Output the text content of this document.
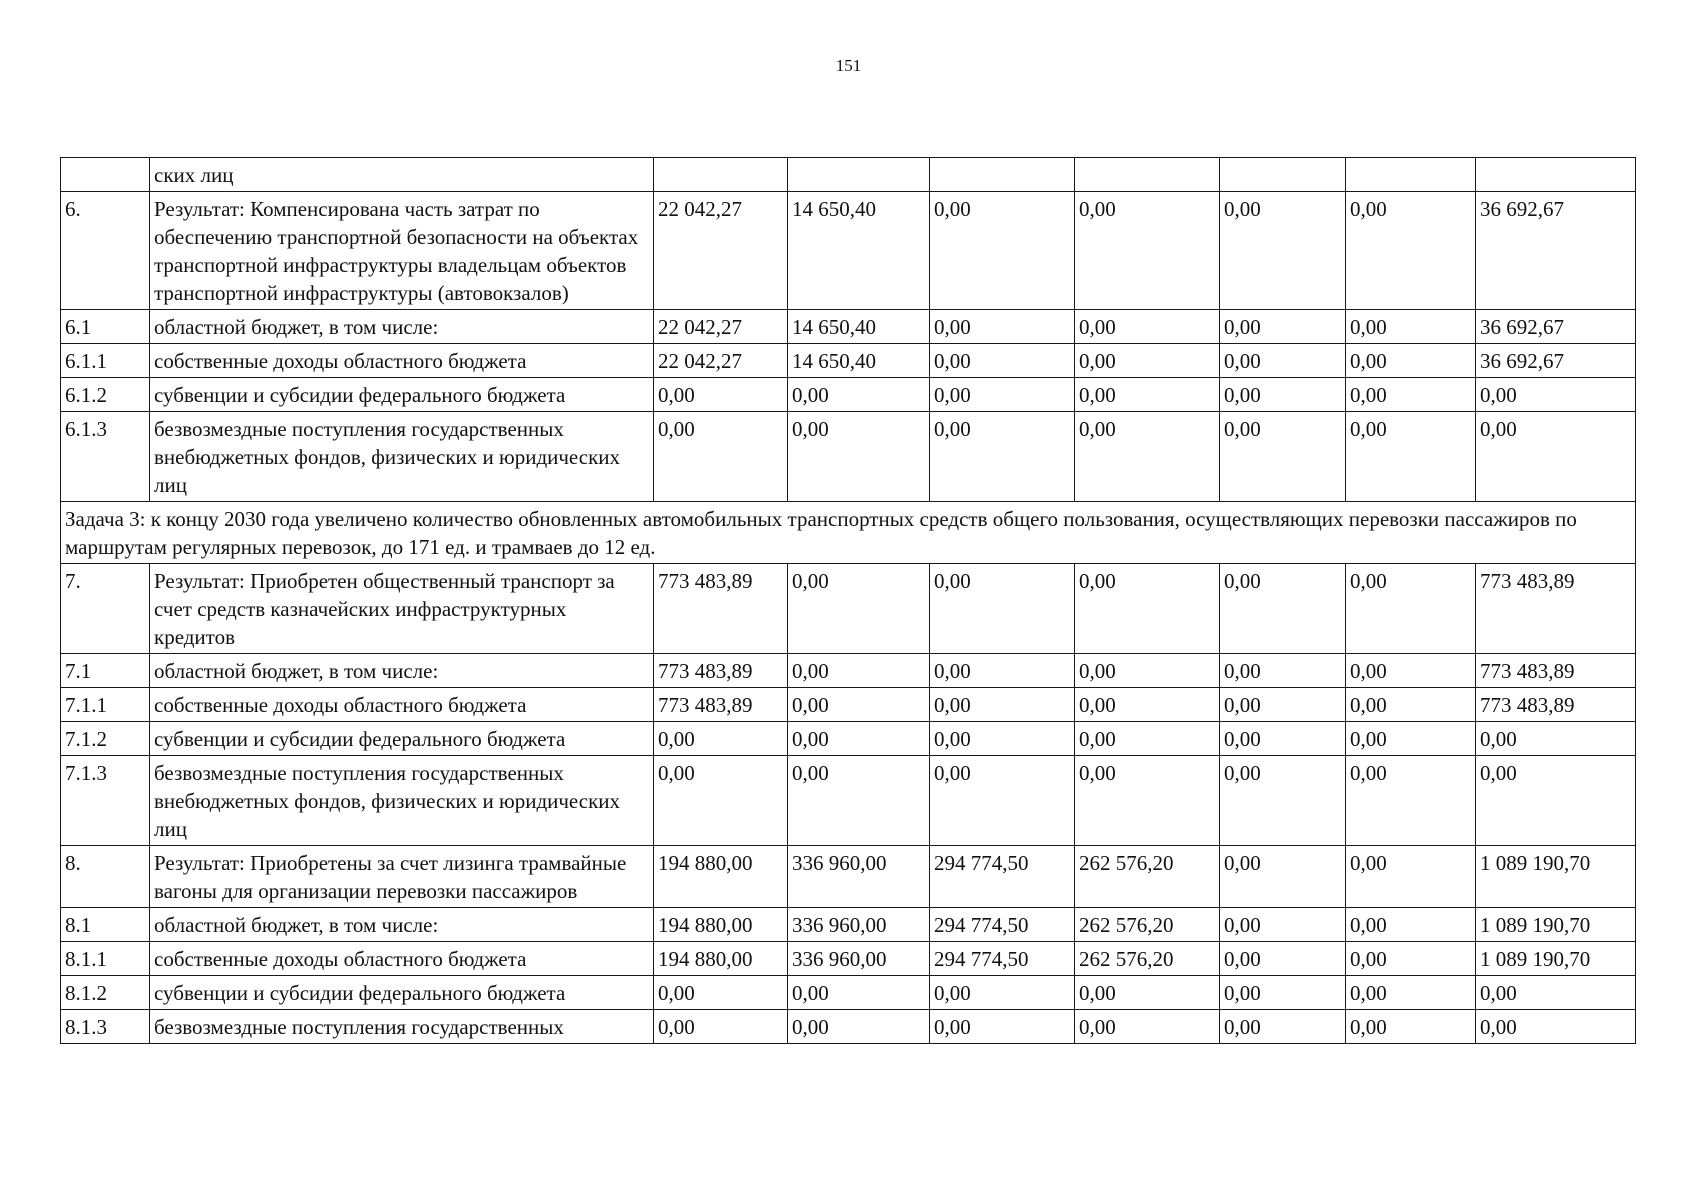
151
	ских лиц							
6.	Результат: Компенсирована часть затрат по обеспечению транспортной безопасности на объектах транспортной инфраструктуры владельцам объектов транспортной инфраструктуры (автовокзалов)	22 042,27	14 650,40	0,00	0,00	0,00	0,00	36 692,67
6.1	областной бюджет, в том числе:	22 042,27	14 650,40	0,00	0,00	0,00	0,00	36 692,67
6.1.1	собственные доходы областного бюджета	22 042,27	14 650,40	0,00	0,00	0,00	0,00	36 692,67
6.1.2	субвенции и субсидии федерального бюджета	0,00	0,00	0,00	0,00	0,00	0,00	0,00
6.1.3	безвозмездные поступления государственных внебюджетных фондов, физических и юридических лиц	0,00	0,00	0,00	0,00	0,00	0,00	0,00
Задача 3: к концу 2030 года увеличено количество обновленных автомобильных транспортных средств общего пользования, осуществляющих перевозки пассажиров по маршрутам регулярных перевозок, до 171 ед. и трамваев до 12 ед.								
7.	Результат: Приобретен общественный транспорт за счет средств казначейских инфраструктурных кредитов	773 483,89	0,00	0,00	0,00	0,00	0,00	773 483,89
7.1	областной бюджет, в том числе:	773 483,89	0,00	0,00	0,00	0,00	0,00	773 483,89
7.1.1	собственные доходы областного бюджета	773 483,89	0,00	0,00	0,00	0,00	0,00	773 483,89
7.1.2	субвенции и субсидии федерального бюджета	0,00	0,00	0,00	0,00	0,00	0,00	0,00
7.1.3	безвозмездные поступления государственных внебюджетных фондов, физических и юридических лиц	0,00	0,00	0,00	0,00	0,00	0,00	0,00
8.	Результат: Приобретены за счет лизинга трамвайные вагоны для организации перевозки пассажиров	194 880,00	336 960,00	294 774,50	262 576,20	0,00	0,00	1 089 190,70
8.1	областной бюджет, в том числе:	194 880,00	336 960,00	294 774,50	262 576,20	0,00	0,00	1 089 190,70
8.1.1	собственные доходы областного бюджета	194 880,00	336 960,00	294 774,50	262 576,20	0,00	0,00	1 089 190,70
8.1.2	субвенции и субсидии федерального бюджета	0,00	0,00	0,00	0,00	0,00	0,00	0,00
8.1.3	безвозмездные поступления государственных	0,00	0,00	0,00	0,00	0,00	0,00	0,00
